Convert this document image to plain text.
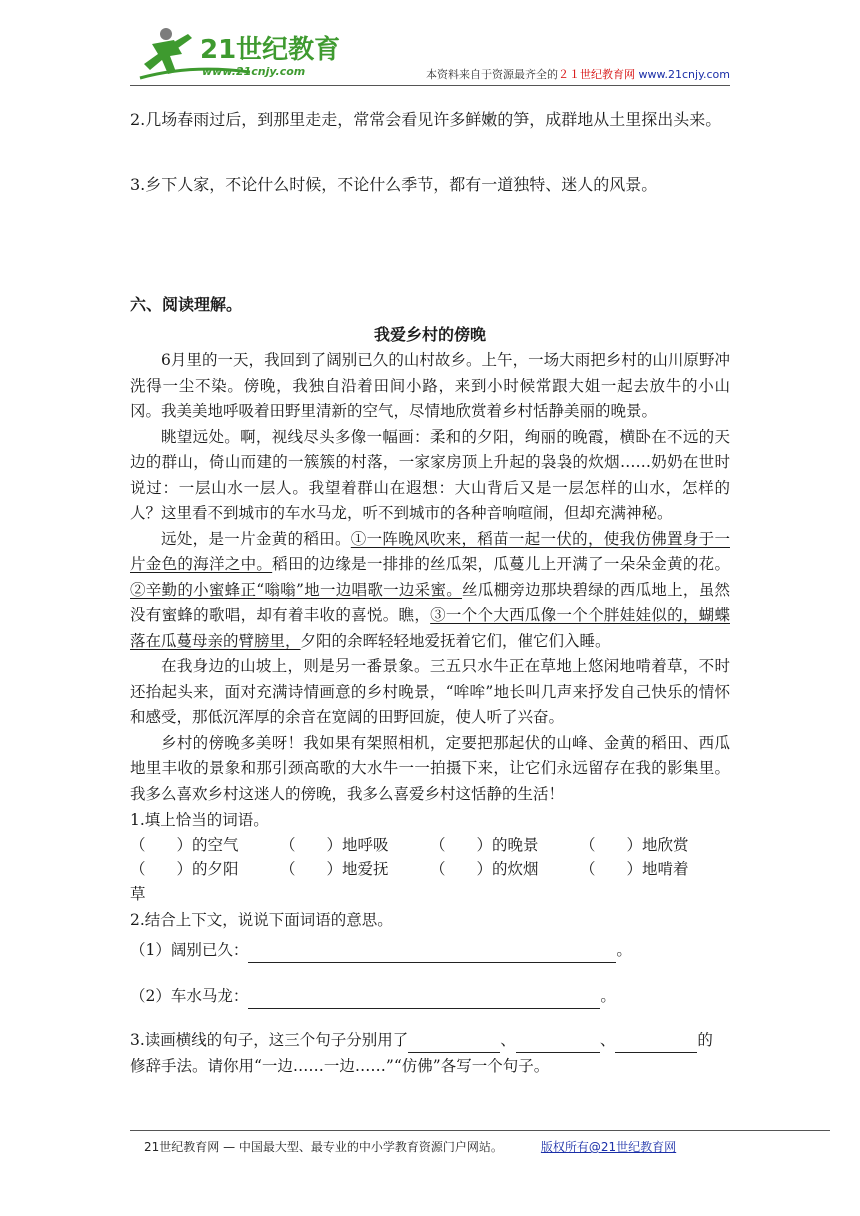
21世纪教育
www.21cnjy.com	本资料来自于资源最齐全的２１世纪教育网 www.21cnjy.com

2.几场春雨过后，到那里走走，常常会看见许多鲜嫩的笋，成群地从土里探出头来。

3.乡下人家，不论什么时候，不论什么季节，都有一道独特、迷人的风景。

六、阅读理解。

我爱乡村的傍晚

6月里的一天，我回到了阔别已久的山村故乡。上午，一场大雨把乡村的山川原野冲洗得一尘不染。傍晚，我独自沿着田间小路，来到小时候常跟大姐一起去放牛的小山冈。我美美地呼吸着田野里清新的空气，尽情地欣赏着乡村恬静美丽的晚景。

眺望远处。啊，视线尽头多像一幅画：柔和的夕阳，绚丽的晚霞，横卧在不远的天边的群山，倚山而建的一簇簇的村落，一家家房顶上升起的袅袅的炊烟……奶奶在世时说过：一层山水一层人。我望着群山在遐想：大山背后又是一层怎样的山水，怎样的人？这里看不到城市的车水马龙，听不到城市的各种音响喧闹，但却充满神秘。

远处，是一片金黄的稻田。①一阵晚风吹来，稻苗一起一伏的，使我仿佛置身于一片金色的海洋之中。稻田的边缘是一排排的丝瓜架，瓜蔓儿上开满了一朵朵金黄的花。②辛勤的小蜜蜂正“嗡嗡”地一边唱歌一边采蜜。丝瓜棚旁边那块碧绿的西瓜地上，虽然没有蜜蜂的歌唱，却有着丰收的喜悦。瞧，③一个个大西瓜像一个个胖娃娃似的，蝴蝶落在瓜蔓母亲的臂膀里，夕阳的余晖轻轻地爱抚着它们，催它们入睡。

在我身边的山坡上，则是另一番景象。三五只水牛正在草地上悠闲地啃着草，不时还抬起头来，面对充满诗情画意的乡村晚景，“哞哞”地长叫几声来抒发自己快乐的情怀和感受，那低沉浑厚的余音在宽阔的田野回旋，使人听了兴奋。

乡村的傍晚多美呀！我如果有架照相机，定要把那起伏的山峰、金黄的稻田、西瓜地里丰收的景象和那引颈高歌的大水牛一一拍摄下来，让它们永远留存在我的影集里。我多么喜欢乡村这迷人的傍晚，我多么喜爱乡村这恬静的生活！

1.填上恰当的词语。

（　　）的空气	（　　）地呼吸	（　　）的晚景	（　　）地欣赏
（　　）的夕阳	（　　）地爱抚	（　　）的炊烟	（　　）地啃着

草

2.结合上下文，说说下面词语的意思。

（1）阔别已久：	。

（2）车水马龙：	。

3.读画横线的句子，这三个句子分别用了	、	、	的

修辞手法。请你用“一边……一边……”“仿佛”各写一个句子。

21世纪教育网 — 中国最大型、最专业的中小学教育资源门户网站。	版权所有@21世纪教育网
